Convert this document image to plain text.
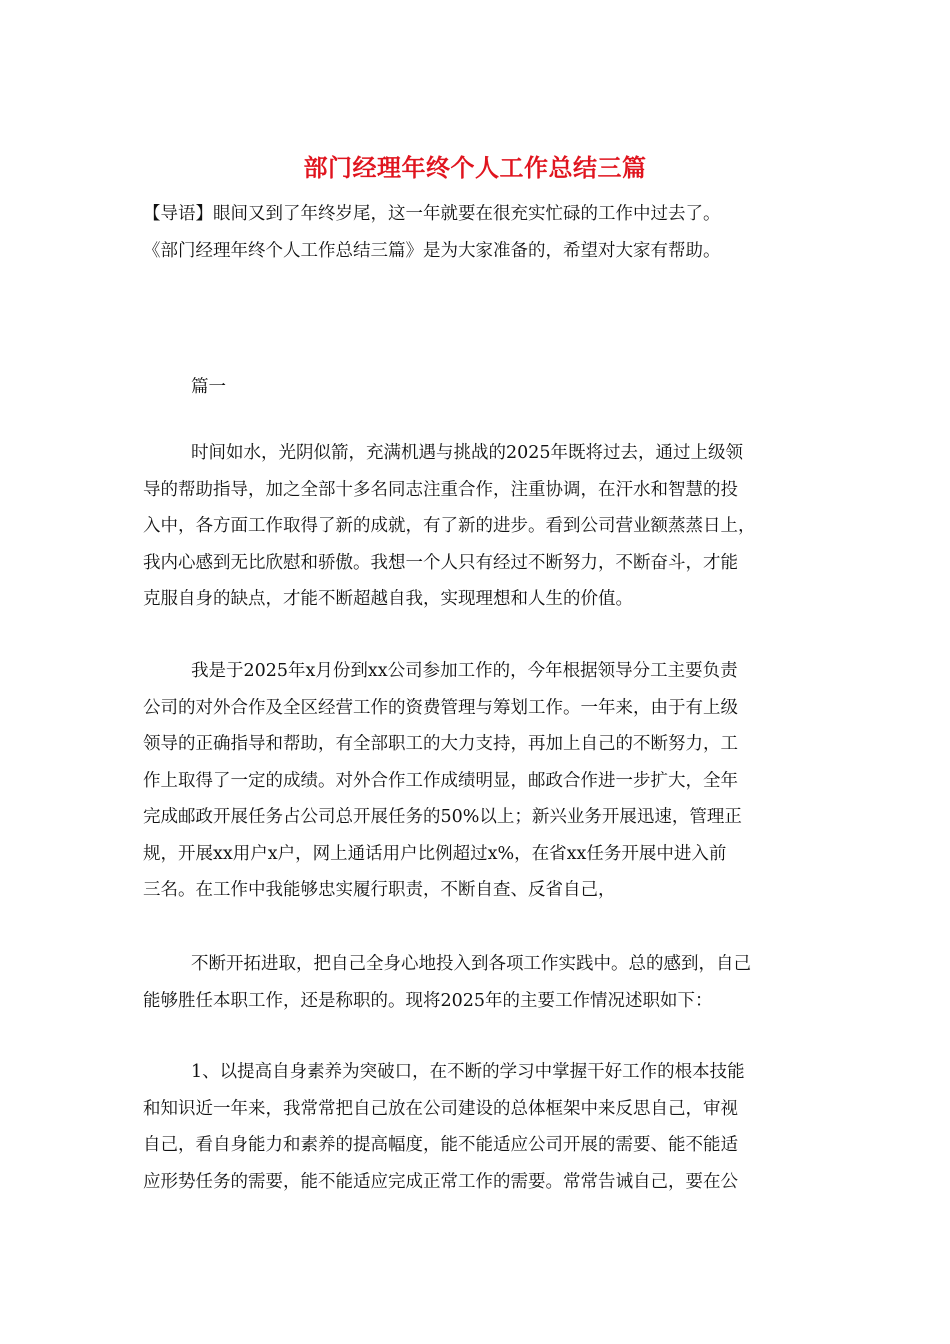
部门经理年终个人工作总结三篇

【导语】眼间又到了年终岁尾，这一年就要在很充实忙碌的工作中过去了。

《部门经理年终个人工作总结三篇》是为大家准备的，希望对大家有帮助。

篇一
时间如水，光阴似箭，充满机遇与挑战的2025年既将过去，通过上级领
导的帮助指导，加之全部十多名同志注重合作，注重协调，在汗水和智慧的投
入中，各方面工作取得了新的成就，有了新的进步。看到公司营业额蒸蒸日上，
我内心感到无比欣慰和骄傲。我想一个人只有经过不断努力，不断奋斗，才能
克服自身的缺点，才能不断超越自我，实现理想和人生的价值。
我是于2025年x月份到xx公司参加工作的，今年根据领导分工主要负责
公司的对外合作及全区经营工作的资费管理与筹划工作。一年来，由于有上级
领导的正确指导和帮助，有全部职工的大力支持，再加上自己的不断努力，工
作上取得了一定的成绩。对外合作工作成绩明显，邮政合作进一步扩大，全年
完成邮政开展任务占公司总开展任务的50%以上；新兴业务开展迅速，管理正
规，开展xx用户x户，网上通话用户比例超过x%，在省xx任务开展中进入前
三名。在工作中我能够忠实履行职责，不断自查、反省自己，
不断开拓进取，把自己全身心地投入到各项工作实践中。总的感到，自己
能够胜任本职工作，还是称职的。现将2025年的主要工作情况述职如下：
1、以提高自身素养为突破口，在不断的学习中掌握干好工作的根本技能
和知识近一年来，我常常把自己放在公司建设的总体框架中来反思自己，审视
自己，看自身能力和素养的提高幅度，能不能适应公司开展的需要、能不能适
应形势任务的需要，能不能适应完成正常工作的需要。常常告诫自己，要在公
